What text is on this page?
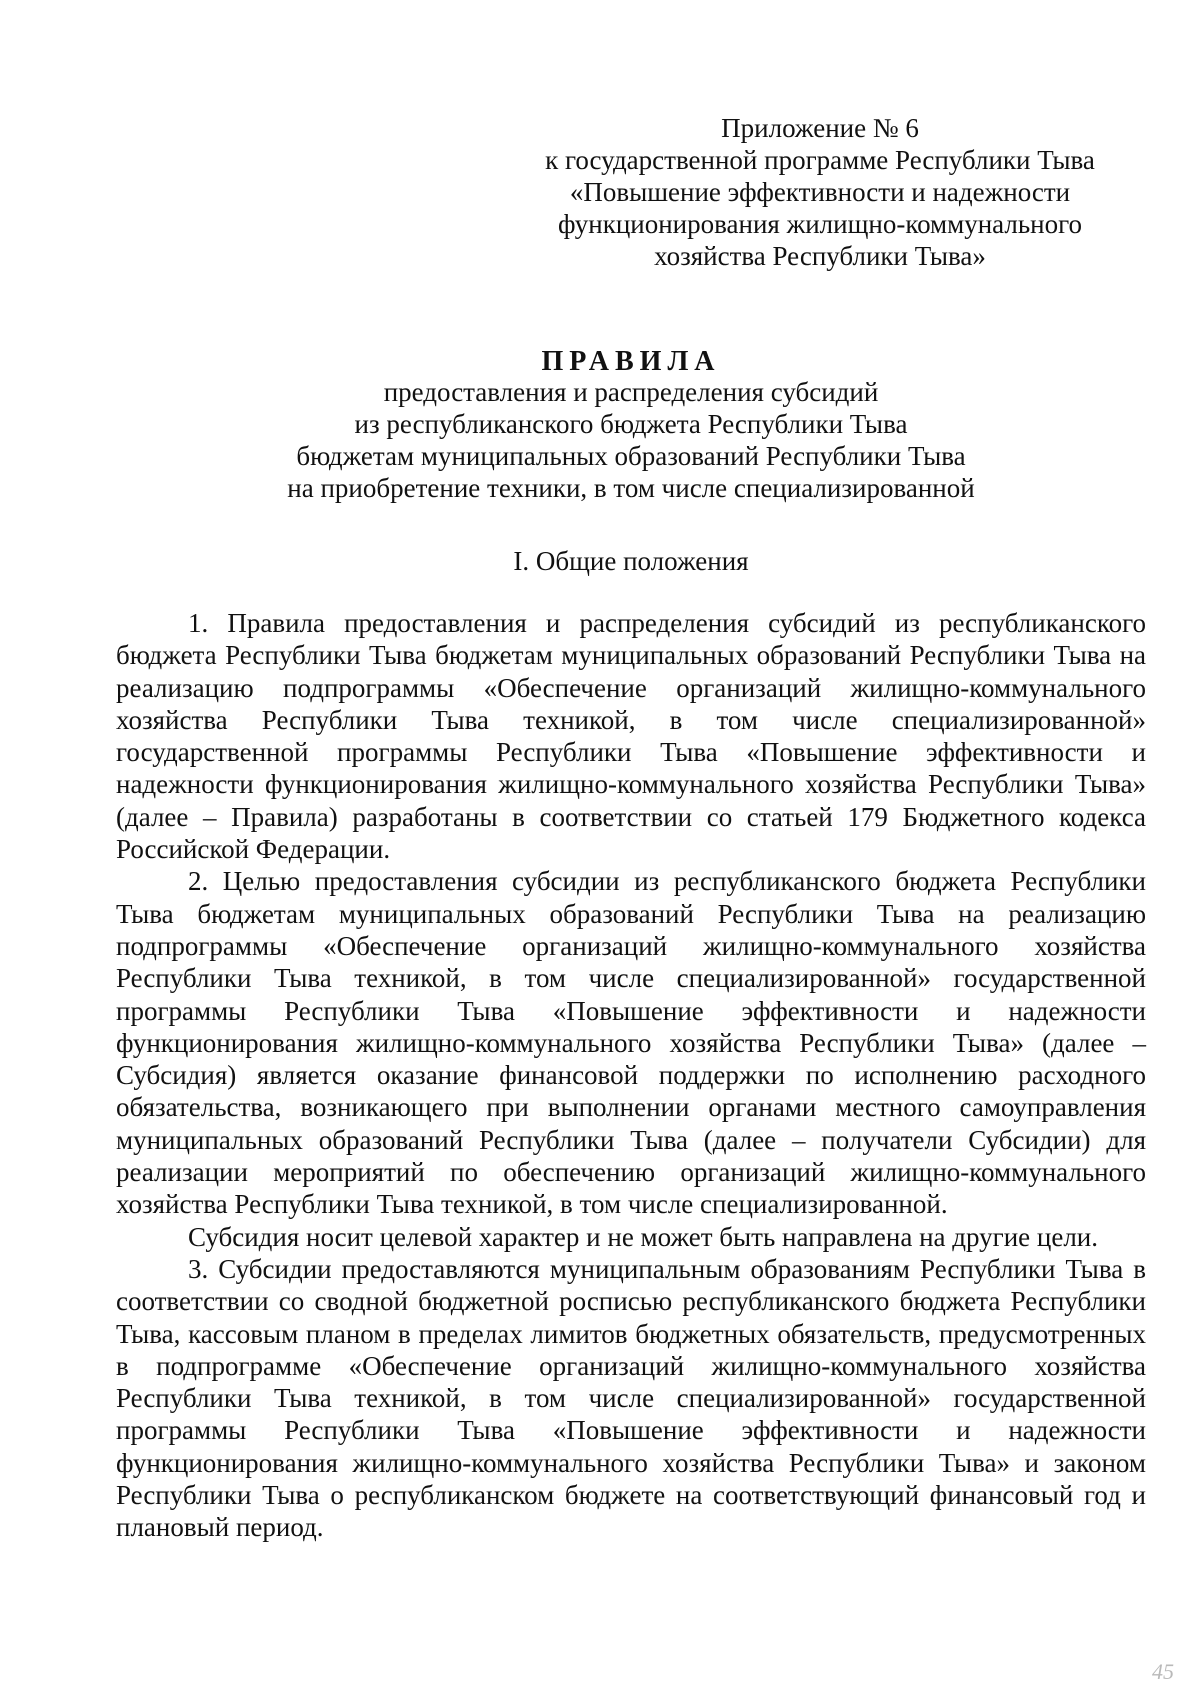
Приложение № 6
к государственной программе Республики Тыва
«Повышение эффективности и надежности
функционирования жилищно-коммунального
хозяйства Республики Тыва»
ПРАВИЛА
предоставления и распределения субсидий
из республиканского бюджета Республики Тыва
бюджетам муниципальных образований Республики Тыва
на приобретение техники, в том числе специализированной
I. Общие положения

1. Правила предоставления и распределения субсидий из республиканского бюджета Республики Тыва бюджетам муниципальных образований Республики Тыва на реализацию подпрограммы «Обеспечение организаций жилищно-коммунального хозяйства Республики Тыва техникой, в том числе специализированной» государственной программы Республики Тыва «Повышение эффективности и надежности функционирования жилищно-коммунального хозяйства Республики Тыва» (далее – Правила) разработаны в соответствии со статьей 179 Бюджетного кодекса Российской Федерации.

2. Целью предоставления субсидии из республиканского бюджета Республики Тыва бюджетам муниципальных образований Республики Тыва на реализацию подпрограммы «Обеспечение организаций жилищно-коммунального хозяйства Республики Тыва техникой, в том числе специализированной» государственной программы Республики Тыва «Повышение эффективности и надежности функционирования жилищно-коммунального хозяйства Республики Тыва» (далее – Субсидия) является оказание финансовой поддержки по исполнению расходного обязательства, возникающего при выполнении органами местного самоуправления муниципальных образований Республики Тыва (далее – получатели Субсидии) для реализации мероприятий по обеспечению организаций жилищно-коммунального хозяйства Республики Тыва техникой, в том числе специализированной.

Субсидия носит целевой характер и не может быть направлена на другие цели.

3. Субсидии предоставляются муниципальным образованиям Республики Тыва в соответствии со сводной бюджетной росписью республиканского бюджета Республики Тыва, кассовым планом в пределах лимитов бюджетных обязательств, предусмотренных в подпрограмме «Обеспечение организаций жилищно-коммунального хозяйства Республики Тыва техникой, в том числе специализированной» государственной программы Республики Тыва «Повышение эффективности и надежности функционирования жилищно-коммунального хозяйства Республики Тыва» и законом Республики Тыва о республиканском бюджете на соответствующий финансовый год и плановый период.

45
